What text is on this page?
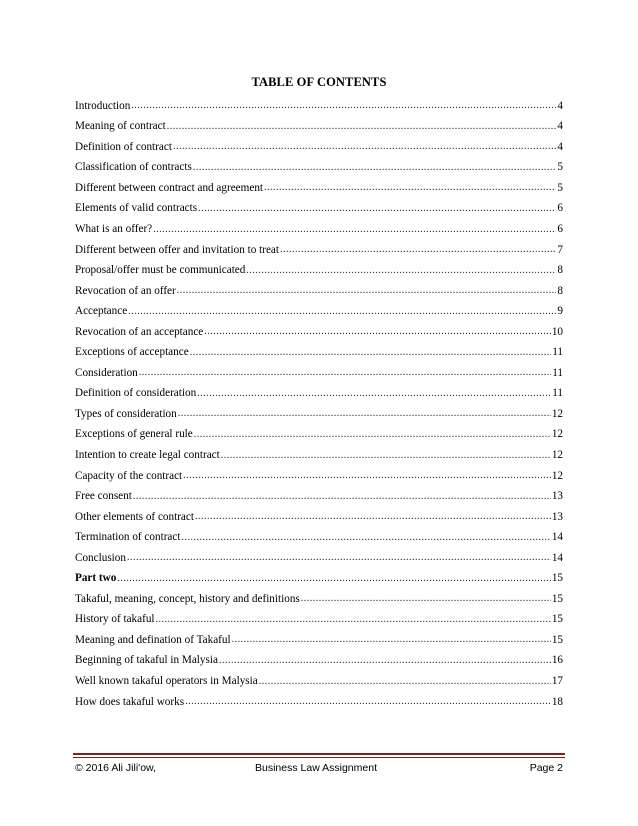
TABLE OF CONTENTS
Introduction .....	4
Meaning of contract .....	4
Definition of contract .....	4
Classification of contracts .....	5
Different between contract and agreement .....	5
Elements of valid contracts .....	6
What is an offer? .....	6
Different between offer and invitation to treat .....	7
Proposal/offer must be communicated .....	8
Revocation of an offer .....	8
Acceptance .....	9
Revocation of an acceptance .....	10
Exceptions of acceptance .....	11
Consideration .....	11
Definition of consideration .....	11
Types of consideration .....	12
Exceptions of general rule .....	12
Intention to create legal contract .....	12
Capacity of the contract .....	12
Free consent .....	13
Other elements of contract .....	13
Termination of contract .....	14
Conclusion .....	14
Part two .....	15
Takaful, meaning, concept, history and definitions .....	15
History of takaful .....	15
Meaning and defination of Takaful .....	15
Beginning of takaful in Malysia .....	16
Well known takaful operators in Malysia .....	17
How does takaful works .....	18
© 2016 Ali Jili'ow,	Business Law Assignment	Page 2
